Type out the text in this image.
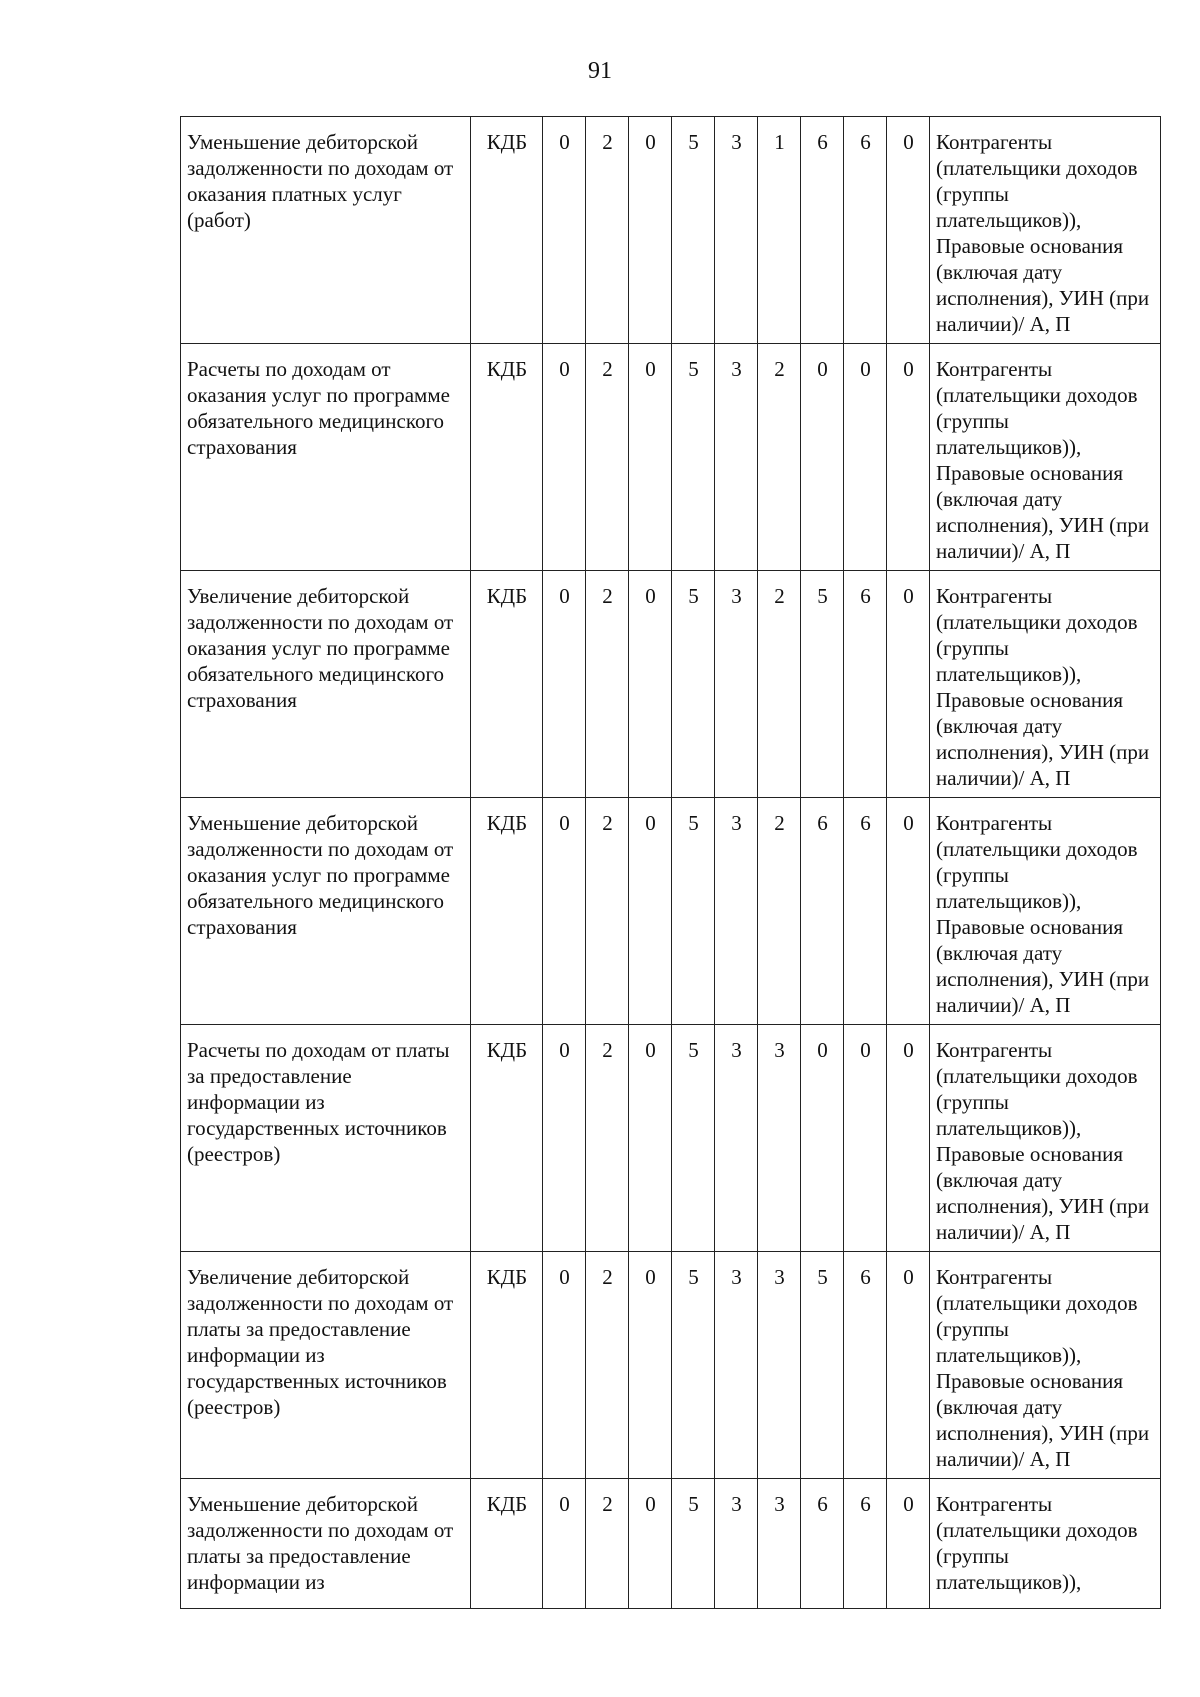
91
Уменьшение дебиторской задолженности по доходам от оказания платных услуг (работ)	КДБ	0	2	0	5	3	1	6	6	0	Контрагенты (плательщики доходов (группы плательщиков)), Правовые основания (включая дату исполнения), УИН (при наличии)/ А, П
Расчеты по доходам от оказания услуг по программе обязательного медицинского страхования	КДБ	0	2	0	5	3	2	0	0	0	Контрагенты (плательщики доходов (группы плательщиков)), Правовые основания (включая дату исполнения), УИН (при наличии)/ А, П
Увеличение дебиторской задолженности по доходам от оказания услуг по программе обязательного медицинского страхования	КДБ	0	2	0	5	3	2	5	6	0	Контрагенты (плательщики доходов (группы плательщиков)), Правовые основания (включая дату исполнения), УИН (при наличии)/ А, П
Уменьшение дебиторской задолженности по доходам от оказания услуг по программе обязательного медицинского страхования	КДБ	0	2	0	5	3	2	6	6	0	Контрагенты (плательщики доходов (группы плательщиков)), Правовые основания (включая дату исполнения), УИН (при наличии)/ А, П
Расчеты по доходам от платы за предоставление информации из государственных источников (реестров)	КДБ	0	2	0	5	3	3	0	0	0	Контрагенты (плательщики доходов (группы плательщиков)), Правовые основания (включая дату исполнения), УИН (при наличии)/ А, П
Увеличение дебиторской задолженности по доходам от платы за предоставление информации из государственных источников (реестров)	КДБ	0	2	0	5	3	3	5	6	0	Контрагенты (плательщики доходов (группы плательщиков)), Правовые основания (включая дату исполнения), УИН (при наличии)/ А, П
Уменьшение дебиторской задолженности по доходам от платы за предоставление информации из	КДБ	0	2	0	5	3	3	6	6	0	Контрагенты (плательщики доходов (группы плательщиков)),
